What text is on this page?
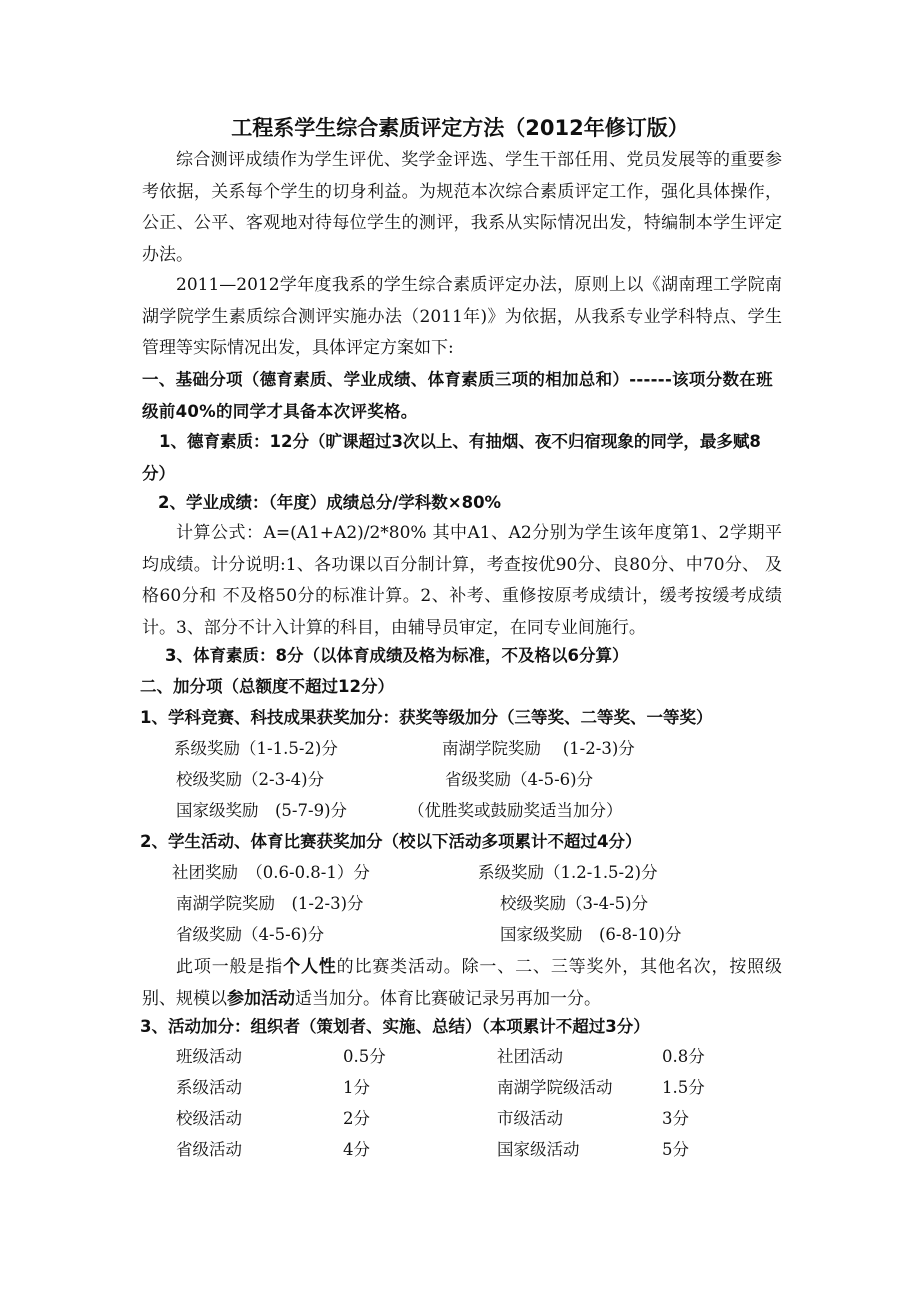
工程系学生综合素质评定方法（2012年修订版）

综合测评成绩作为学生评优、奖学金评选、学生干部任用、党员发展等的重要参考依据，关系每个学生的切身利益。为规范本次综合素质评定工作，强化具体操作，公正、公平、客观地对待每位学生的测评，我系从实际情况出发，特编制本学生评定办法。

2011—2012学年度我系的学生综合素质评定办法，原则上以《湖南理工学院南湖学院学生素质综合测评实施办法（2011年)》为依据，从我系专业学科特点、学生管理等实际情况出发，具体评定方案如下:

一、基础分项（德育素质、学业成绩、体育素质三项的相加总和）------该项分数在班级前40%的同学才具备本次评奖格。

1、德育素质：12分（旷课超过3次以上、有抽烟、夜不归宿现象的同学，最多赋8分）

2、学业成绩：（年度）成绩总分/学科数×80%

计算公式：A=(A1+A2)/2*80% 其中A1、A2分别为学生该年度第1、2学期平均成绩。计分说明:1、各功课以百分制计算，考查按优90分、良80分、中70分、 及格60分和 不及格50分的标准计算。2、补考、重修按原考成绩计，缓考按缓考成绩计。3、部分不计入计算的科目，由辅导员审定，在同专业间施行。

3、体育素质：8分（以体育成绩及格为标准，不及格以6分算）
二、加分项（总额度不超过12分）
1、学科竞赛、科技成果获奖加分：获奖等级加分（三等奖、二等奖、一等奖）
系级奖励（1-1.5-2)分	南湖学院奖励　 (1-2-3)分
校级奖励（2-3-4)分	省级奖励（4-5-6)分
国家级奖励　(5-7-9)分	（优胜奖或鼓励奖适当加分）
2、学生活动、体育比赛获奖加分（校以下活动多项累计不超过4分）
社团奖励　（0.6-0.8-1）分	系级奖励（1.2-1.5-2)分
南湖学院奖励　(1-2-3)分	校级奖励（3-4-5)分
省级奖励（4-5-6)分	国家级奖励　(6-8-10)分

此项一般是指个人性的比赛类活动。除一、二、三等奖外，其他名次，按照级别、规模以参加活动适当加分。体育比赛破记录另再加一分。

3、活动加分：组织者（策划者、实施、总结）（本项累计不超过3分）
班级活动	0.5分	社团活动	0.8分
系级活动	1分	南湖学院级活动	1.5分
校级活动	2分	市级活动	3分
省级活动	4分	国家级活动	5分
